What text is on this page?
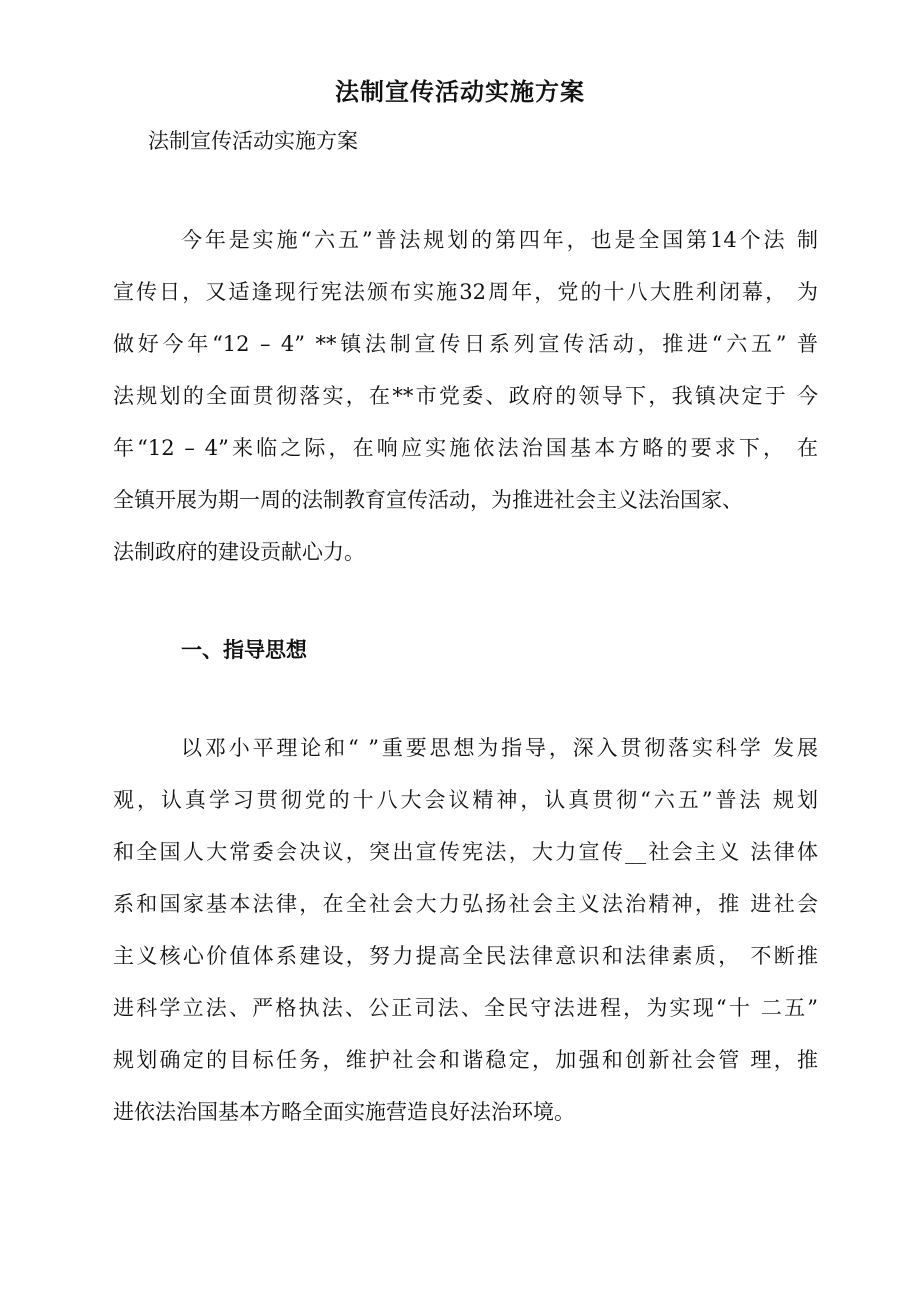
法制宣传活动实施方案

法制宣传活动实施方案

今年是实施“六五”普法规划的第四年，也是全国第14个法 制
宣传日，又适逢现行宪法颁布实施32周年，党的十八大胜利闭幕， 为
做好今年“12 – 4” **镇法制宣传日系列宣传活动，推进“六五” 普
法规划的全面贯彻落实，在**市党委、政府的领导下，我镇决定于 今
年“12 – 4”来临之际，在响应实施依法治国基本方略的要求下， 在
全镇开展为期一周的法制教育宣传活动，为推进社会主义法治国家、
法制政府的建设贡献心力。
一、指导思想
以邓小平理论和“ ”重要思想为指导，深入贯彻落实科学 发展
观，认真学习贯彻党的十八大会议精神，认真贯彻“六五”普法 规划
和全国人大常委会决议，突出宣传宪法，大力宣传__社会主义 法律体
系和国家基本法律，在全社会大力弘扬社会主义法治精神，推 进社会
主义核心价值体系建设，努力提高全民法律意识和法律素质， 不断推
进科学立法、严格执法、公正司法、全民守法进程，为实现“十 二五”
规划确定的目标任务，维护社会和谐稳定，加强和创新社会管 理，推
进依法治国基本方略全面实施营造良好法治环境。
